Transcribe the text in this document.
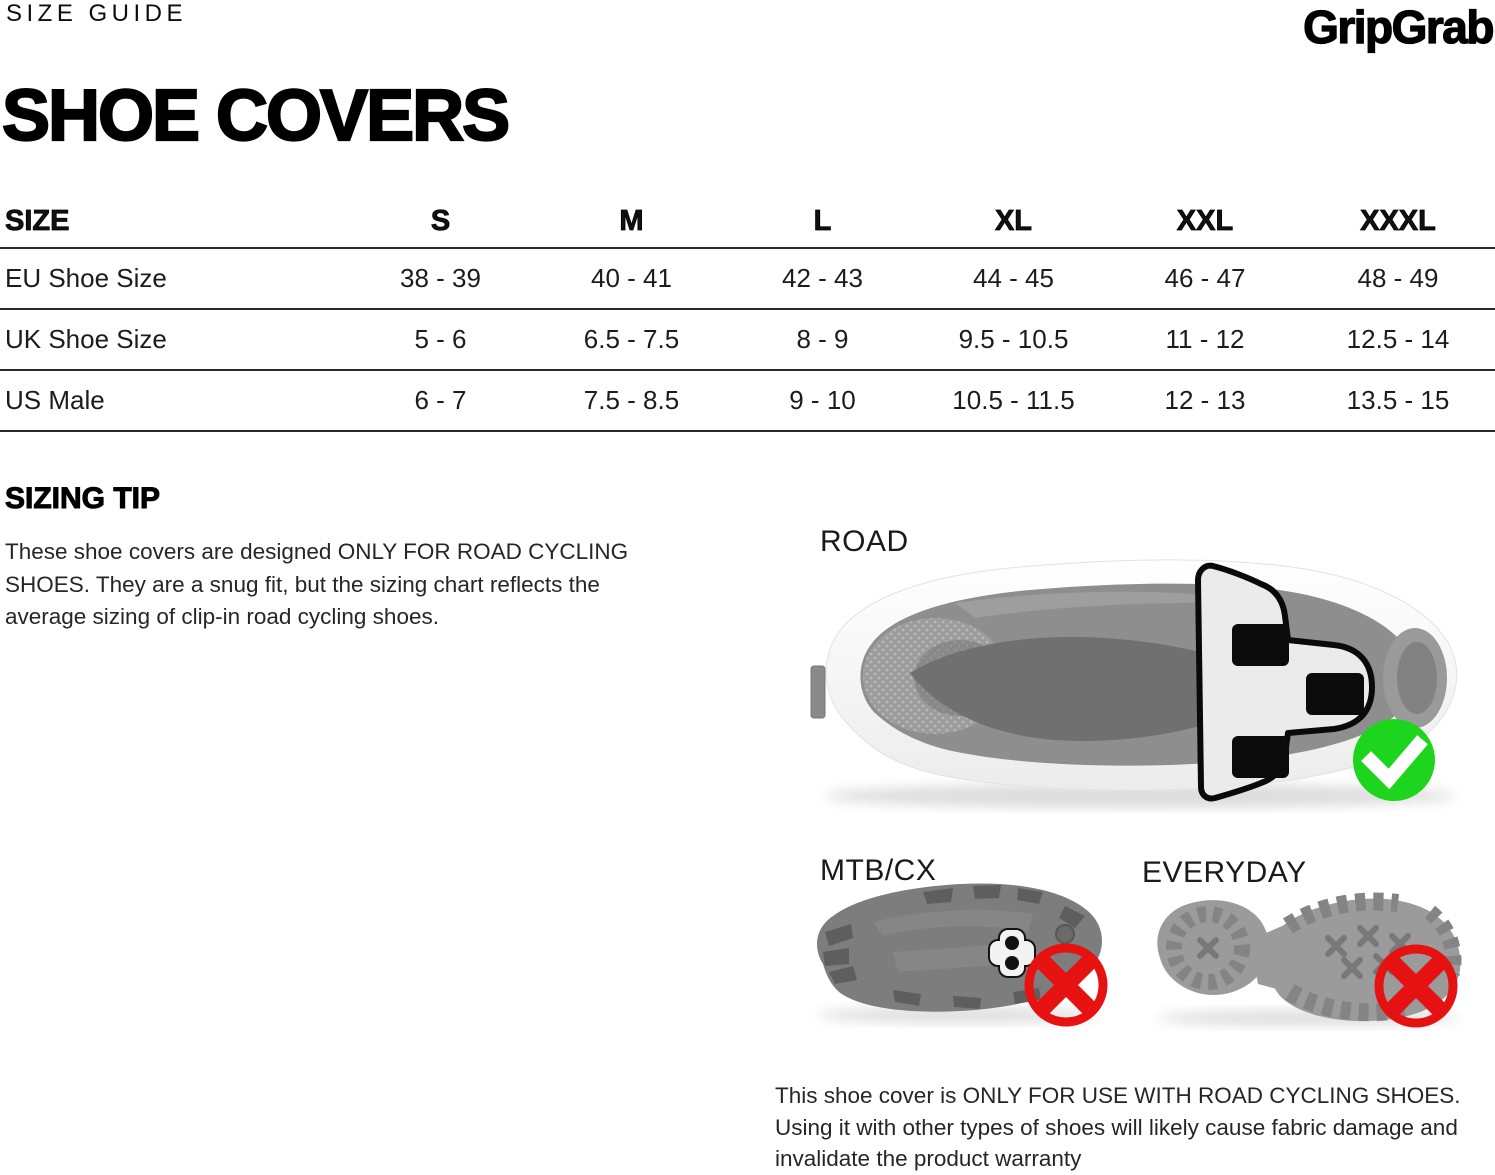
SIZE GUIDE	GripGrab
SHOE COVERS
SIZE	S	M	L	XL	XXL	XXXL
EU Shoe Size	38 - 39	40 - 41	42 - 43	44 - 45	46 - 47	48 - 49
UK Shoe Size	5 - 6	6.5 - 7.5	8 - 9	9.5 - 10.5	11 - 12	12.5 - 14
US Male	6 - 7	7.5 - 8.5	9 - 10	10.5 - 11.5	12 - 13	13.5 - 15
SIZING TIP

These shoe covers are designed ONLY FOR ROAD CYCLING SHOES. They are a snug fit, but the sizing chart reflects the average sizing of clip-in road cycling shoes.

ROAD
MTB/CX	EVERYDAY

This shoe cover is ONLY FOR USE WITH ROAD CYCLING SHOES. Using it with other types of shoes will likely cause fabric damage and invalidate the product warranty
